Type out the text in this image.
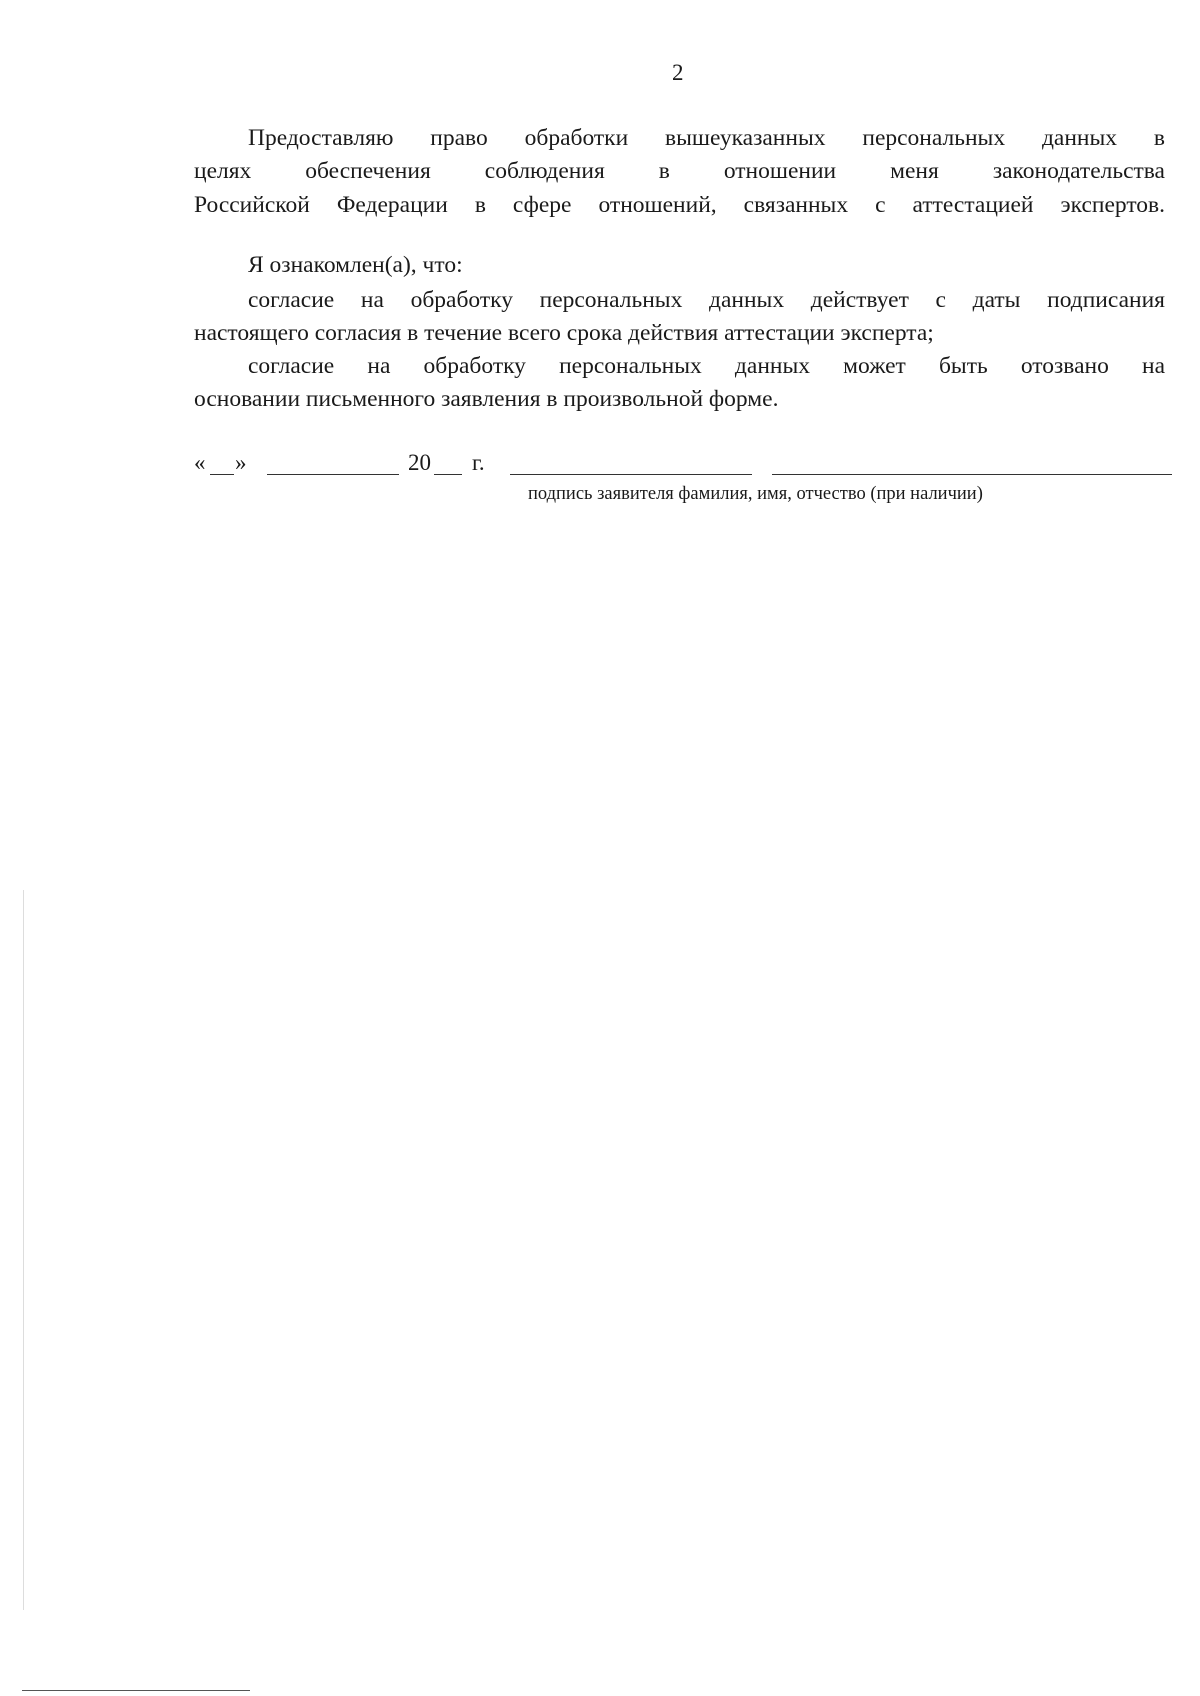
2
Предоставляю право обработки вышеуказанных персональных данных в
целях обеспечения соблюдения в отношении меня законодательства
Российской Федерации в сфере отношений, связанных с аттестацией экспертов.
Я ознакомлен(а), что:
согласие на обработку персональных данных действует с даты подписания
настоящего согласия в течение всего срока действия аттестации эксперта;
согласие на обработку персональных данных может быть отозвано на
основании письменного заявления в произвольной форме.
« »	20 г.
подпись заявителя фамилия, имя, отчество (при наличии)
